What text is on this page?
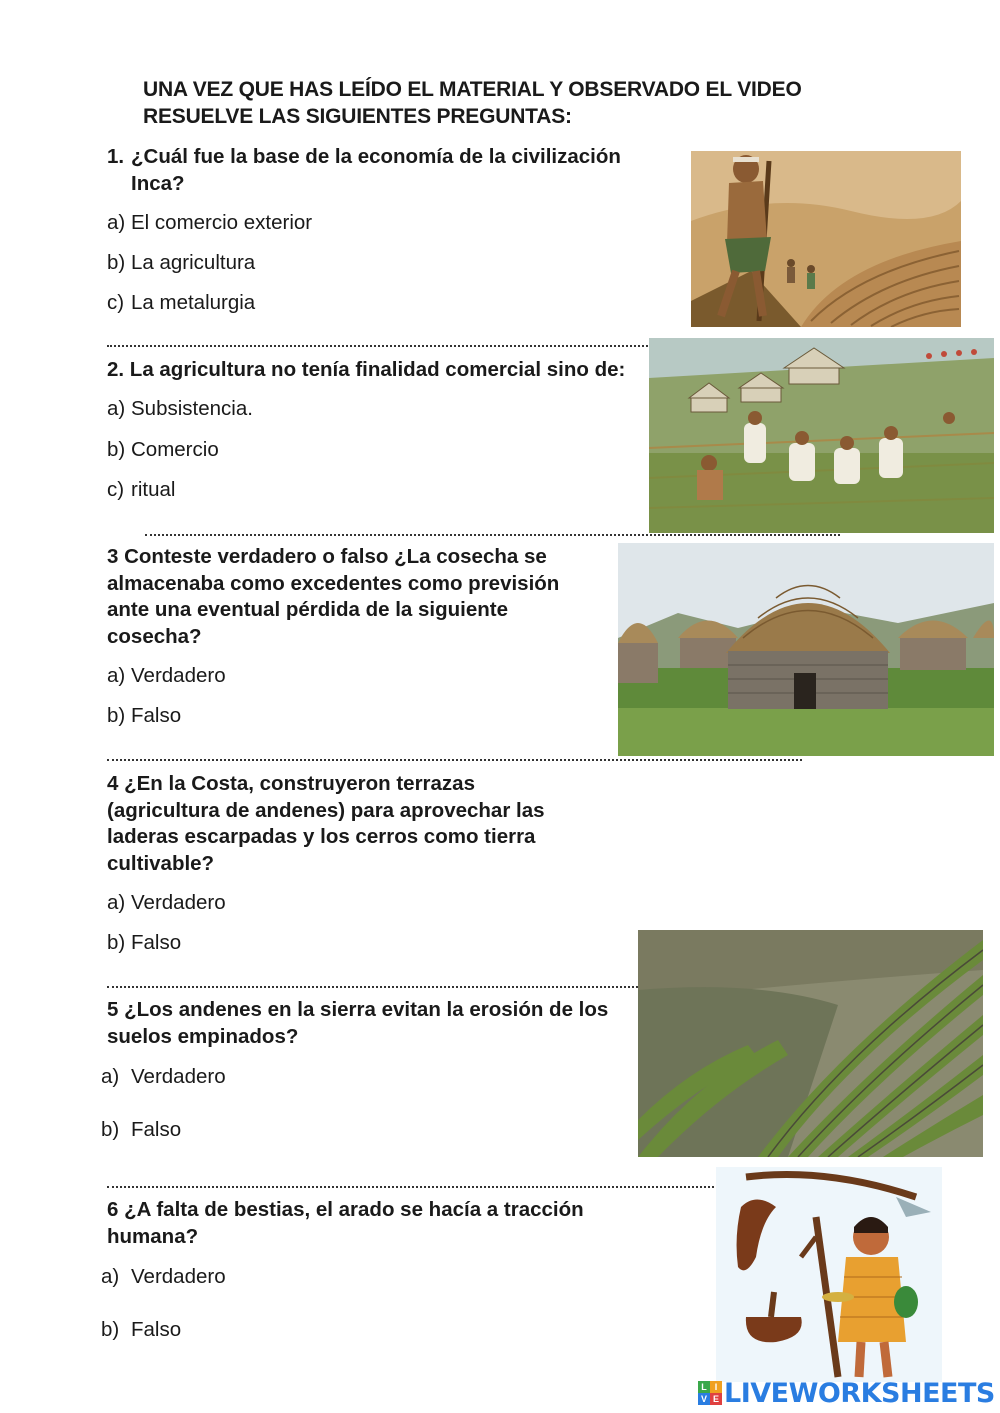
UNA VEZ QUE HAS LEÍDO EL MATERIAL Y OBSERVADO EL VIDEO
RESUELVE LAS SIGUIENTES PREGUNTAS:
1. ¿Cuál fue la base de la economía de la civilización
Inca?
a) El comercio exterior
b) La agricultura
c) La metalurgia
2. La agricultura no tenía finalidad comercial sino de:
a) Subsistencia.
b) Comercio
c) ritual
3 Conteste verdadero o falso ¿La cosecha se
almacenaba como excedentes como previsión
ante una eventual pérdida de la siguiente
cosecha?
a) Verdadero
b) Falso
4 ¿En la Costa, construyeron terrazas
(agricultura de andenes) para aprovechar las
laderas escarpadas y los cerros como tierra
cultivable?
a) Verdadero
b) Falso
5 ¿Los andenes en la sierra evitan la erosión de los
suelos empinados?
a) Verdadero
b) Falso
6 ¿A falta de bestias, el arado se hacía a tracción
humana?
a) Verdadero
b) Falso
L I
V E LIVEWORKSHEETS
